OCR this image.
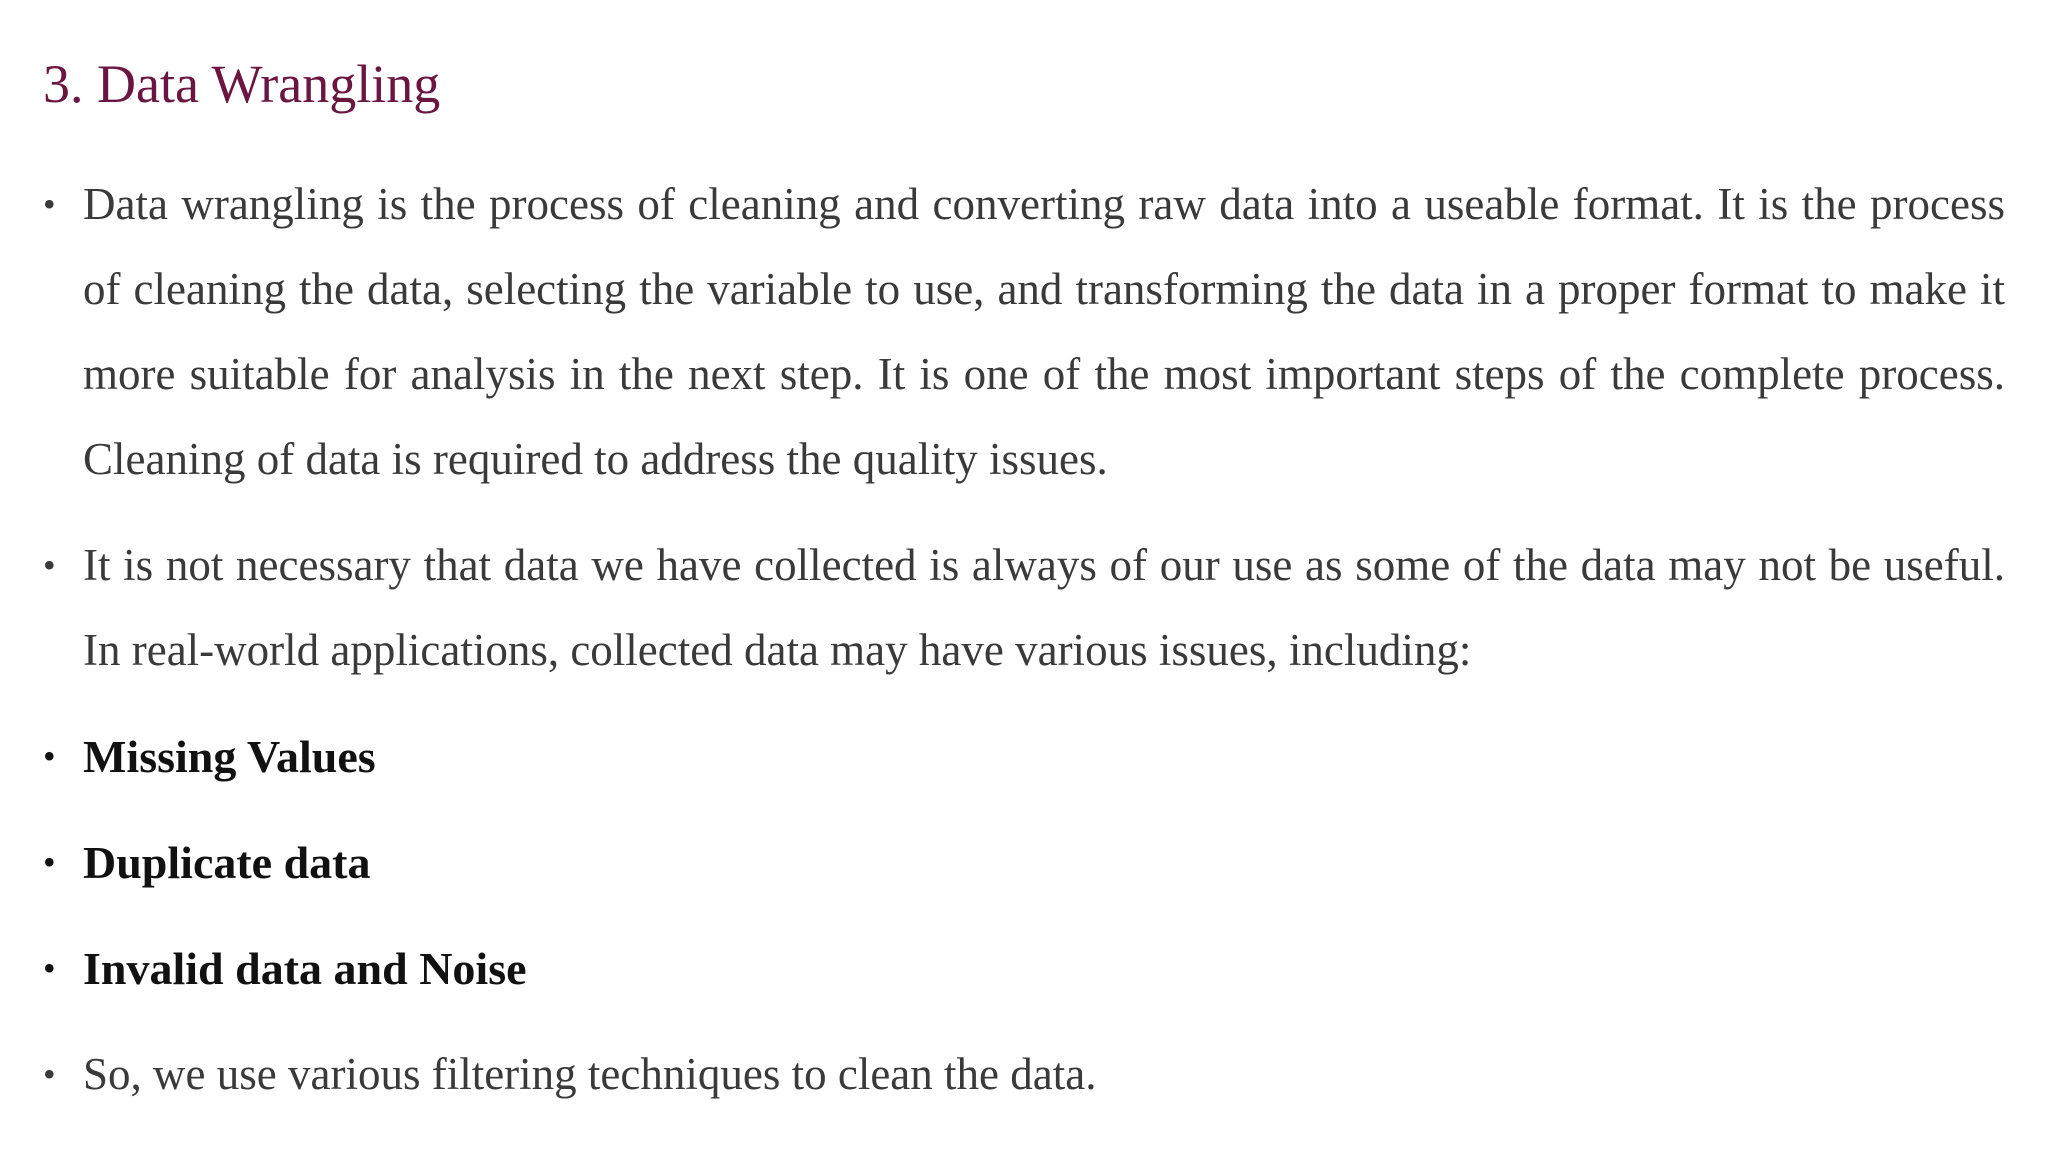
3. Data Wrangling
• Data wrangling is the process of cleaning and converting raw data into a useable format. It is the process of cleaning the data, selecting the variable to use, and transforming the data in a proper format to make it more suitable for analysis in the next step. It is one of the most important steps of the complete process. Cleaning of data is required to address the quality issues.
• It is not necessary that data we have collected is always of our use as some of the data may not be useful. In real-world applications, collected data may have various issues, including:
• Missing Values
• Duplicate data
• Invalid data and Noise
• So, we use various filtering techniques to clean the data.
